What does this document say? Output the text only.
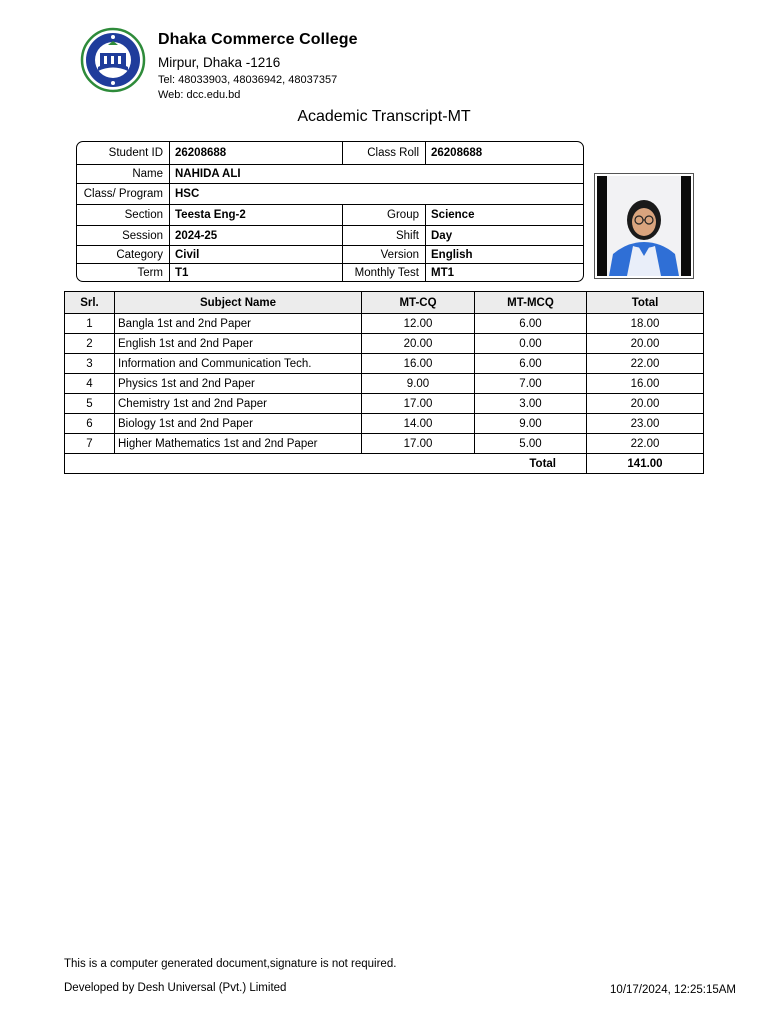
Dhaka Commerce College
Mirpur, Dhaka -1216
Tel: 48033903, 48036942, 48037357
Web: dcc.edu.bd
Academic Transcript-MT
Student ID	26208688	Class Roll	26208688
Name	NAHIDA ALI
Class/ Program	HSC
Section	Teesta Eng-2	Group	Science
Session	2024-25	Shift	Day
Category	Civil	Version	English
Term	T1	Monthly Test	MT1
Srl.	Subject Name	MT-CQ	MT-MCQ	Total
1	Bangla 1st and 2nd Paper	12.00	6.00	18.00
2	English 1st and 2nd Paper	20.00	0.00	20.00
3	Information and Communication Tech.	16.00	6.00	22.00
4	Physics 1st and 2nd Paper	9.00	7.00	16.00
5	Chemistry 1st and 2nd Paper	17.00	3.00	20.00
6	Biology 1st and 2nd Paper	14.00	9.00	23.00
7	Higher Mathematics 1st and 2nd Paper	17.00	5.00	22.00
			Total	141.00
This is a computer generated document,signature is not required.
Developed by Desh Universal (Pvt.) Limited	10/17/2024, 12:25:15AM
